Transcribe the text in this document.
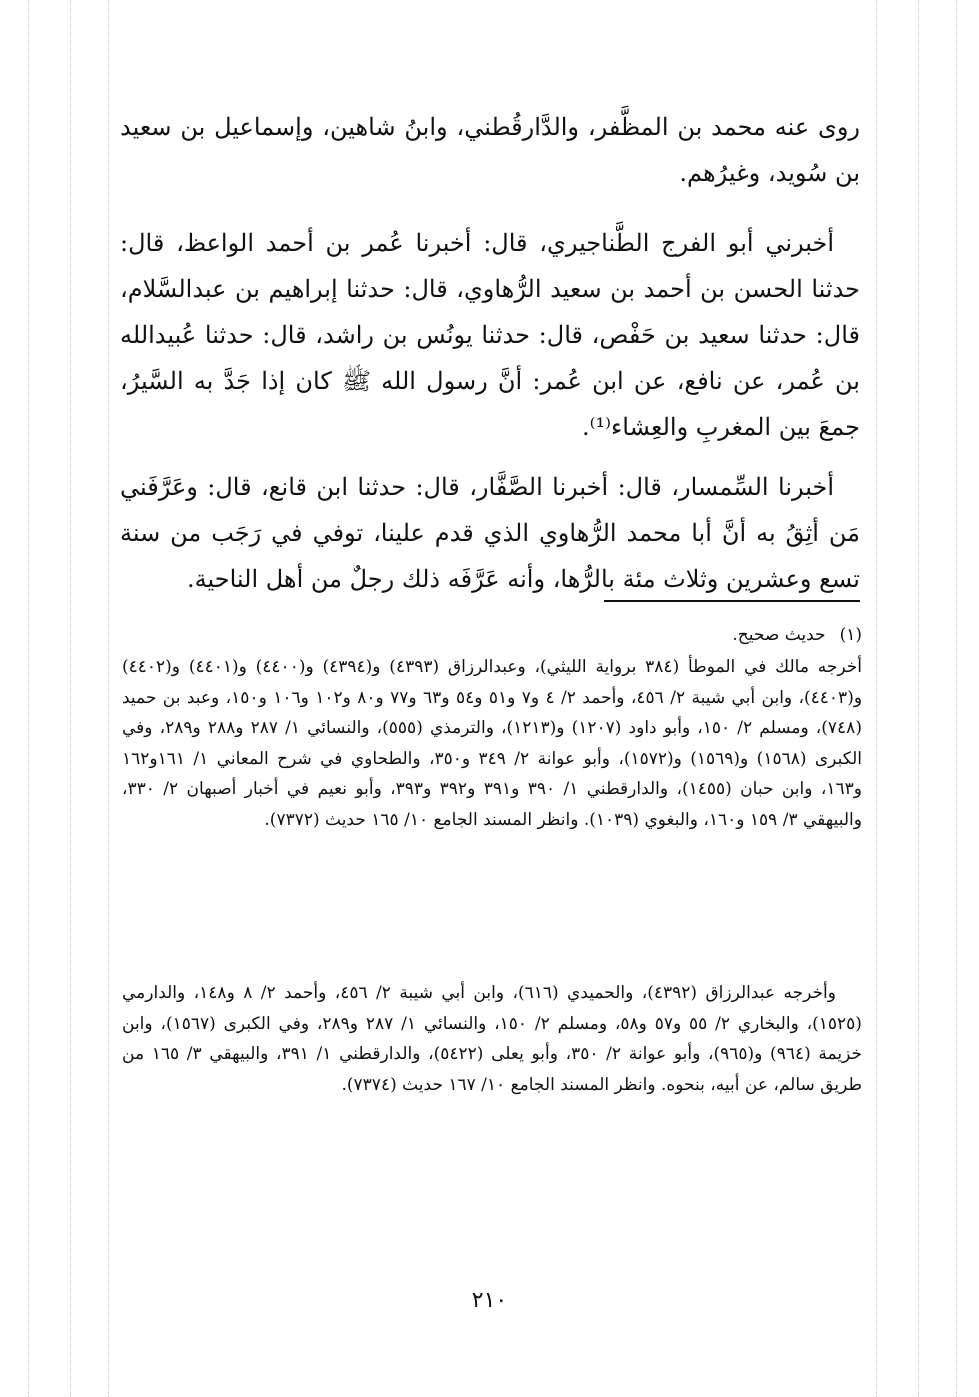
روى عنه محمد بن المظَّفر، والدَّارقُطني، وابنُ شاهين، وإسماعيل بن سعيد بن سُويد، وغيرُهم.

أخبرني أبو الفرج الطَّناجيري، قال: أخبرنا عُمر بن أحمد الواعظ، قال: حدثنا الحسن بن أحمد بن سعيد الرُّهاوي، قال: حدثنا إبراهيم بن عبدالسَّلام، قال: حدثنا سعيد بن حَفْص، قال: حدثنا يونُس بن راشد، قال: حدثنا عُبيدالله بن عُمر، عن نافع، عن ابن عُمر: أنَّ رسول الله ﷺ كان إذا جَدَّ به السَّيرُ، جمعَ بين المغربِ والعِشاء⁽¹⁾.

أخبرنا السِّمسار، قال: أخبرنا الصَّفَّار، قال: حدثنا ابن قانع، قال: وعَرَّفَني مَن أثِقُ به أنَّ أبا محمد الرُّهاوي الذي قدم علينا، توفي في رَجَب من سنة تسع وعشرين وثلاث مئة بالرُّها، وأنه عَرَّفَه ذلك رجلٌ من أهل الناحية.

(١)حديث صحيح.

أخرجه مالك في الموطأ (٣٨٤ برواية الليثي)، وعبدالرزاق (٤٣٩٣) و(٤٣٩٤) و(٤٤٠٠) و(٤٤٠١) و(٤٤٠٢) و(٤٤٠٣)، وابن أبي شيبة ٢/ ٤٥٦، وأحمد ٢/ ٤ و٧ و٥١ و٥٤ و٦٣ و٧٧ و٨٠ و١٠٢ و١٠٦ و١٥٠، وعبد بن حميد (٧٤٨)، ومسلم ٢/ ١٥٠، وأبو داود (١٢٠٧) و(١٢١٣)، والترمذي (٥٥٥)، والنسائي ١/ ٢٨٧ و٢٨٨ و٢٨٩، وفي الكبرى (١٥٦٨) و(١٥٦٩) و(١٥٧٢)، وأبو عوانة ٢/ ٣٤٩ و٣٥٠، والطحاوي في شرح المعاني ١/ ١٦١و١٦٢ و١٦٣، وابن حبان (١٤٥٥)، والدارقطني ١/ ٣٩٠ و٣٩١ و٣٩٢ و٣٩٣، وأبو نعيم في أخبار أصبهان ٢/ ٣٣٠، والبيهقي ٣/ ١٥٩ و١٦٠، والبغوي (١٠٣٩). وانظر المسند الجامع ١٠/ ١٦٥ حديث (٧٣٧٢).

وأخرجه عبدالرزاق (٤٣٩٢)، والحميدي (٦١٦)، وابن أبي شيبة ٢/ ٤٥٦، وأحمد ٢/ ٨ و١٤٨، والدارمي (١٥٢٥)، والبخاري ٢/ ٥٥ و٥٧ و٥٨، ومسلم ٢/ ١٥٠، والنسائي ١/ ٢٨٧ و٢٨٩، وفي الكبرى (١٥٦٧)، وابن خزيمة (٩٦٤) و(٩٦٥)، وأبو عوانة ٢/ ٣٥٠، وأبو يعلى (٥٤٢٢)، والدارقطني ١/ ٣٩١، والبيهقي ٣/ ١٦٥ من طريق سالم، عن أبيه، بنحوه. وانظر المسند الجامع ١٠/ ١٦٧ حديث (٧٣٧٤).

٢١٠
